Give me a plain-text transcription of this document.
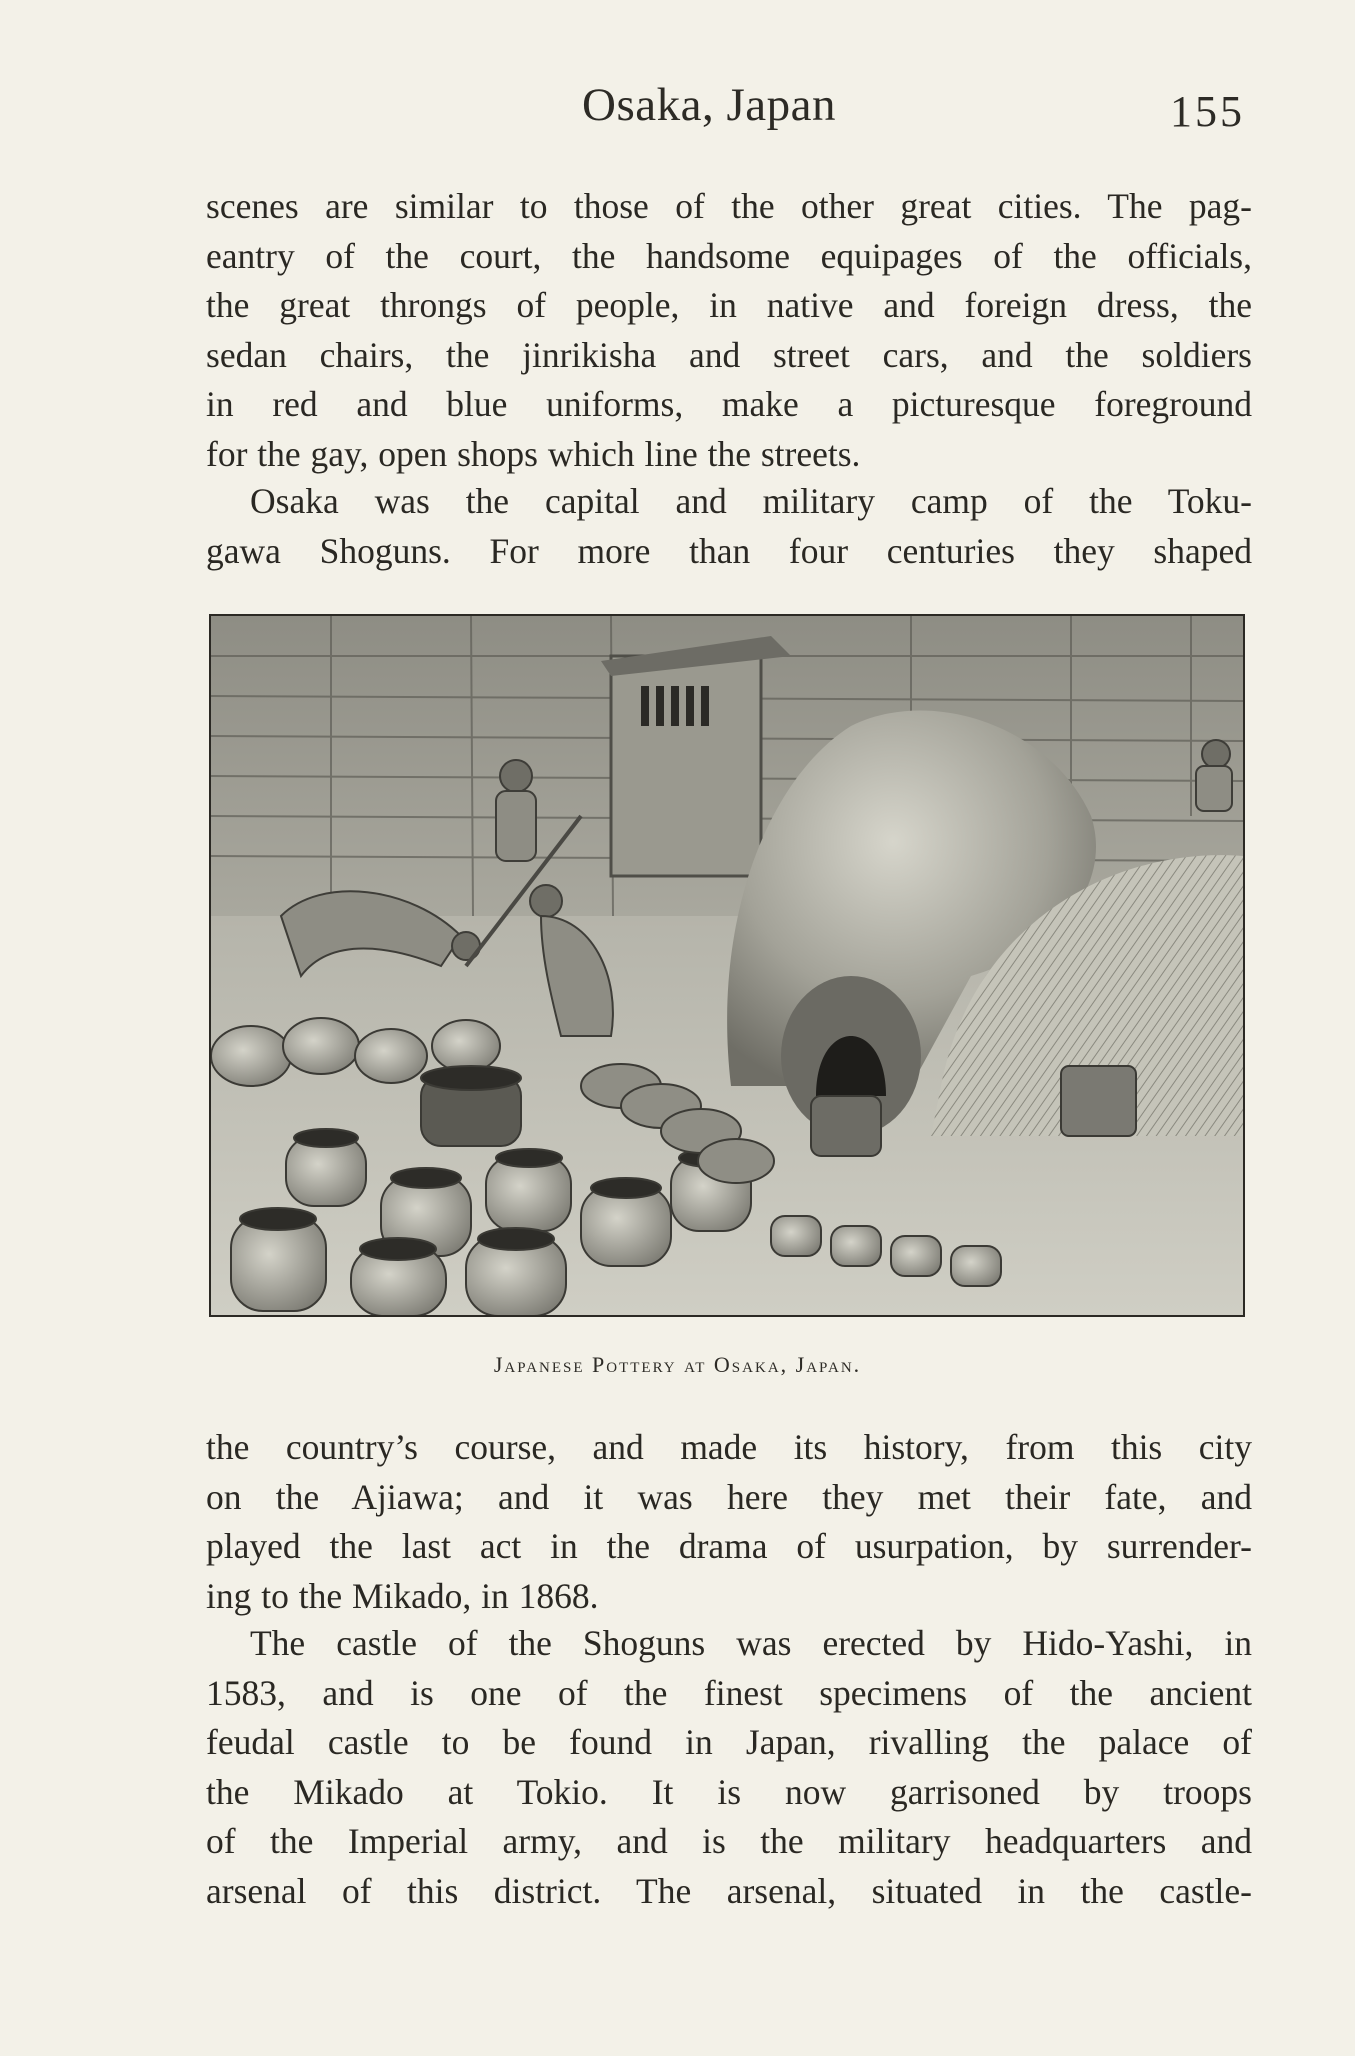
Osaka, Japan	155

scenes are similar to those of the other great cities. The pag-
eantry of the court, the handsome equipages of the officials,
the great throngs of people, in native and foreign dress, the
sedan chairs, the jinrikisha and street cars, and the soldiers
in red and blue uniforms, make a picturesque foreground
for the gay, open shops which line the streets.

Osaka was the capital and military camp of the Toku-
gawa Shoguns. For more than four centuries they shaped

Japanese Pottery at Osaka, Japan.

the country’s course, and made its history, from this city
on the Ajiawa; and it was here they met their fate, and
played the last act in the drama of usurpation, by surrender-
ing to the Mikado, in 1868.

The castle of the Shoguns was erected by Hido-Yashi, in
1583, and is one of the finest specimens of the ancient
feudal castle to be found in Japan, rivalling the palace of
the Mikado at Tokio. It is now garrisoned by troops
of the Imperial army, and is the military headquarters and
arsenal of this district. The arsenal, situated in the castle-
